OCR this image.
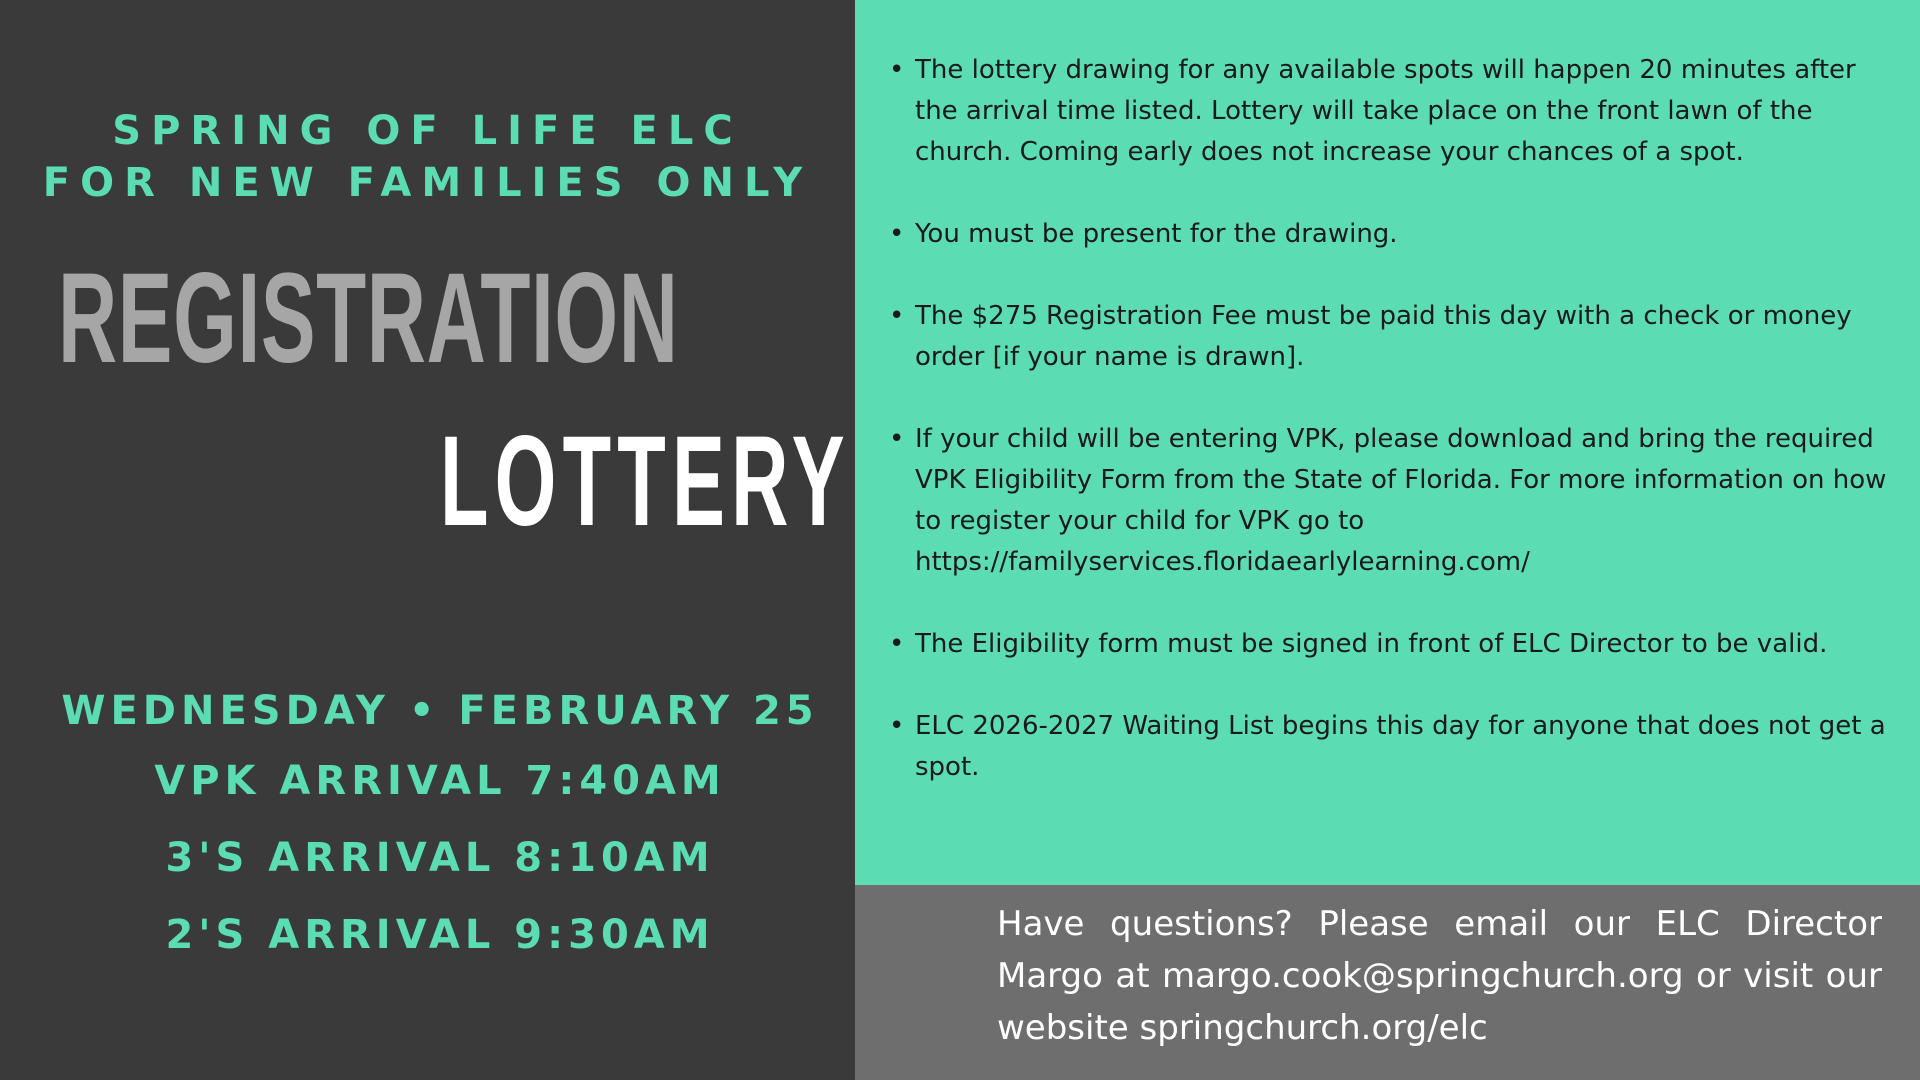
SPRING OF LIFE ELC
FOR NEW FAMILIES ONLY
REGISTRATION
LOTTERY
WEDNESDAY • FEBRUARY 25
VPK ARRIVAL 7:40AM
3'S ARRIVAL 8:10AM
2'S ARRIVAL 9:30AM
• The lottery drawing for any available spots will happen 20 minutes after the arrival time listed. Lottery will take place on the front lawn of the church. Coming early does not increase your chances of a spot.
• You must be present for the drawing.
• The $275 Registration Fee must be paid this day with a check or money order [if your name is drawn].
• If your child will be entering VPK, please download and bring the required VPK Eligibility Form from the State of Florida. For more information on how to register your child for VPK go to https://familyservices.floridaearlylearning.com/
• The Eligibility form must be signed in front of ELC Director to be valid.
• ELC 2026-2027 Waiting List begins this day for anyone that does not get a spot.
Have questions? Please email our ELC Director Margo at margo.cook@springchurch.org or visit our website springchurch.org/elc
